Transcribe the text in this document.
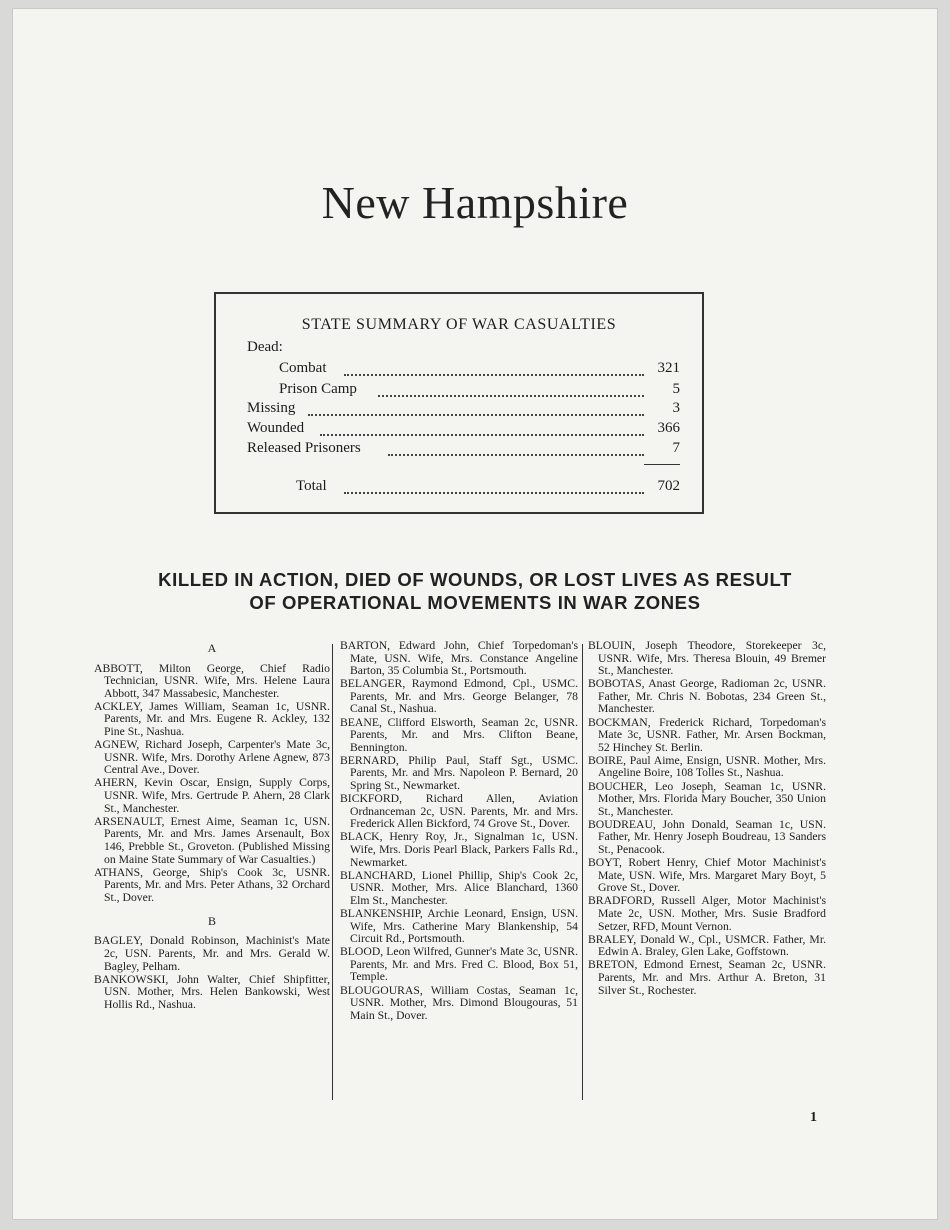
New Hampshire
STATE SUMMARY OF WAR CASUALTIES
Dead:
Combat	321
Prison Camp	5
Missing	3
Wounded	366
Released Prisoners	7
Total	702
KILLED IN ACTION, DIED OF WOUNDS, OR LOST LIVES AS RESULT
OF OPERATIONAL MOVEMENTS IN WAR ZONES
A
ABBOTT, Milton George, Chief Radio Technician, USNR. Wife, Mrs. Helene Laura Abbott, 347 Massabesic, Manchester.
ACKLEY, James William, Seaman 1c, USNR. Parents, Mr. and Mrs. Eugene R. Ackley, 132 Pine St., Nashua.
AGNEW, Richard Joseph, Carpenter's Mate 3c, USNR. Wife, Mrs. Dorothy Arlene Agnew, 873 Central Ave., Dover.
AHERN, Kevin Oscar, Ensign, Supply Corps, USNR. Wife, Mrs. Gertrude P. Ahern, 28 Clark St., Manchester.
ARSENAULT, Ernest Aime, Seaman 1c, USN. Parents, Mr. and Mrs. James Arsenault, Box 146, Prebble St., Groveton. (Published Missing on Maine State Summary of War Casualties.)
ATHANS, George, Ship's Cook 3c, USNR. Parents, Mr. and Mrs. Peter Athans, 32 Orchard St., Dover.
B
BAGLEY, Donald Robinson, Machinist's Mate 2c, USN. Parents, Mr. and Mrs. Gerald W. Bagley, Pelham.
BANKOWSKI, John Walter, Chief Shipfitter, USN. Mother, Mrs. Helen Bankowski, West Hollis Rd., Nashua.
BARTON, Edward John, Chief Torpedoman's Mate, USN. Wife, Mrs. Constance Angeline Barton, 35 Columbia St., Portsmouth.
BELANGER, Raymond Edmond, Cpl., USMC. Parents, Mr. and Mrs. George Belanger, 78 Canal St., Nashua.
BEANE, Clifford Elsworth, Seaman 2c, USNR. Parents, Mr. and Mrs. Clifton Beane, Bennington.
BERNARD, Philip Paul, Staff Sgt., USMC. Parents, Mr. and Mrs. Napoleon P. Bernard, 20 Spring St., Newmarket.
BICKFORD, Richard Allen, Aviation Ordnanceman 2c, USN. Parents, Mr. and Mrs. Frederick Allen Bickford, 74 Grove St., Dover.
BLACK, Henry Roy, Jr., Signalman 1c, USN. Wife, Mrs. Doris Pearl Black, Parkers Falls Rd., Newmarket.
BLANCHARD, Lionel Phillip, Ship's Cook 2c, USNR. Mother, Mrs. Alice Blanchard, 1360 Elm St., Manchester.
BLANKENSHIP, Archie Leonard, Ensign, USN. Wife, Mrs. Catherine Mary Blankenship, 54 Circuit Rd., Portsmouth.
BLOOD, Leon Wilfred, Gunner's Mate 3c, USNR. Parents, Mr. and Mrs. Fred C. Blood, Box 51, Temple.
BLOUGOURAS, William Costas, Seaman 1c, USNR. Mother, Mrs. Dimond Blougouras, 51 Main St., Dover.
BLOUIN, Joseph Theodore, Storekeeper 3c, USNR. Wife, Mrs. Theresa Blouin, 49 Bremer St., Manchester.
BOBOTAS, Anast George, Radioman 2c, USNR. Father, Mr. Chris N. Bobotas, 234 Green St., Manchester.
BOCKMAN, Frederick Richard, Torpedoman's Mate 3c, USNR. Father, Mr. Arsen Bockman, 52 Hinchey St. Berlin.
BOIRE, Paul Aime, Ensign, USNR. Mother, Mrs. Angeline Boire, 108 Tolles St., Nashua.
BOUCHER, Leo Joseph, Seaman 1c, USNR. Mother, Mrs. Florida Mary Boucher, 350 Union St., Manchester.
BOUDREAU, John Donald, Seaman 1c, USN. Father, Mr. Henry Joseph Boudreau, 13 Sanders St., Penacook.
BOYT, Robert Henry, Chief Motor Machinist's Mate, USN. Wife, Mrs. Margaret Mary Boyt, 5 Grove St., Dover.
BRADFORD, Russell Alger, Motor Machinist's Mate 2c, USN. Mother, Mrs. Susie Bradford Setzer, RFD, Mount Vernon.
BRALEY, Donald W., Cpl., USMCR. Father, Mr. Edwin A. Braley, Glen Lake, Goffstown.
BRETON, Edmond Ernest, Seaman 2c, USNR. Parents, Mr. and Mrs. Arthur A. Breton, 31 Silver St., Rochester.
1
